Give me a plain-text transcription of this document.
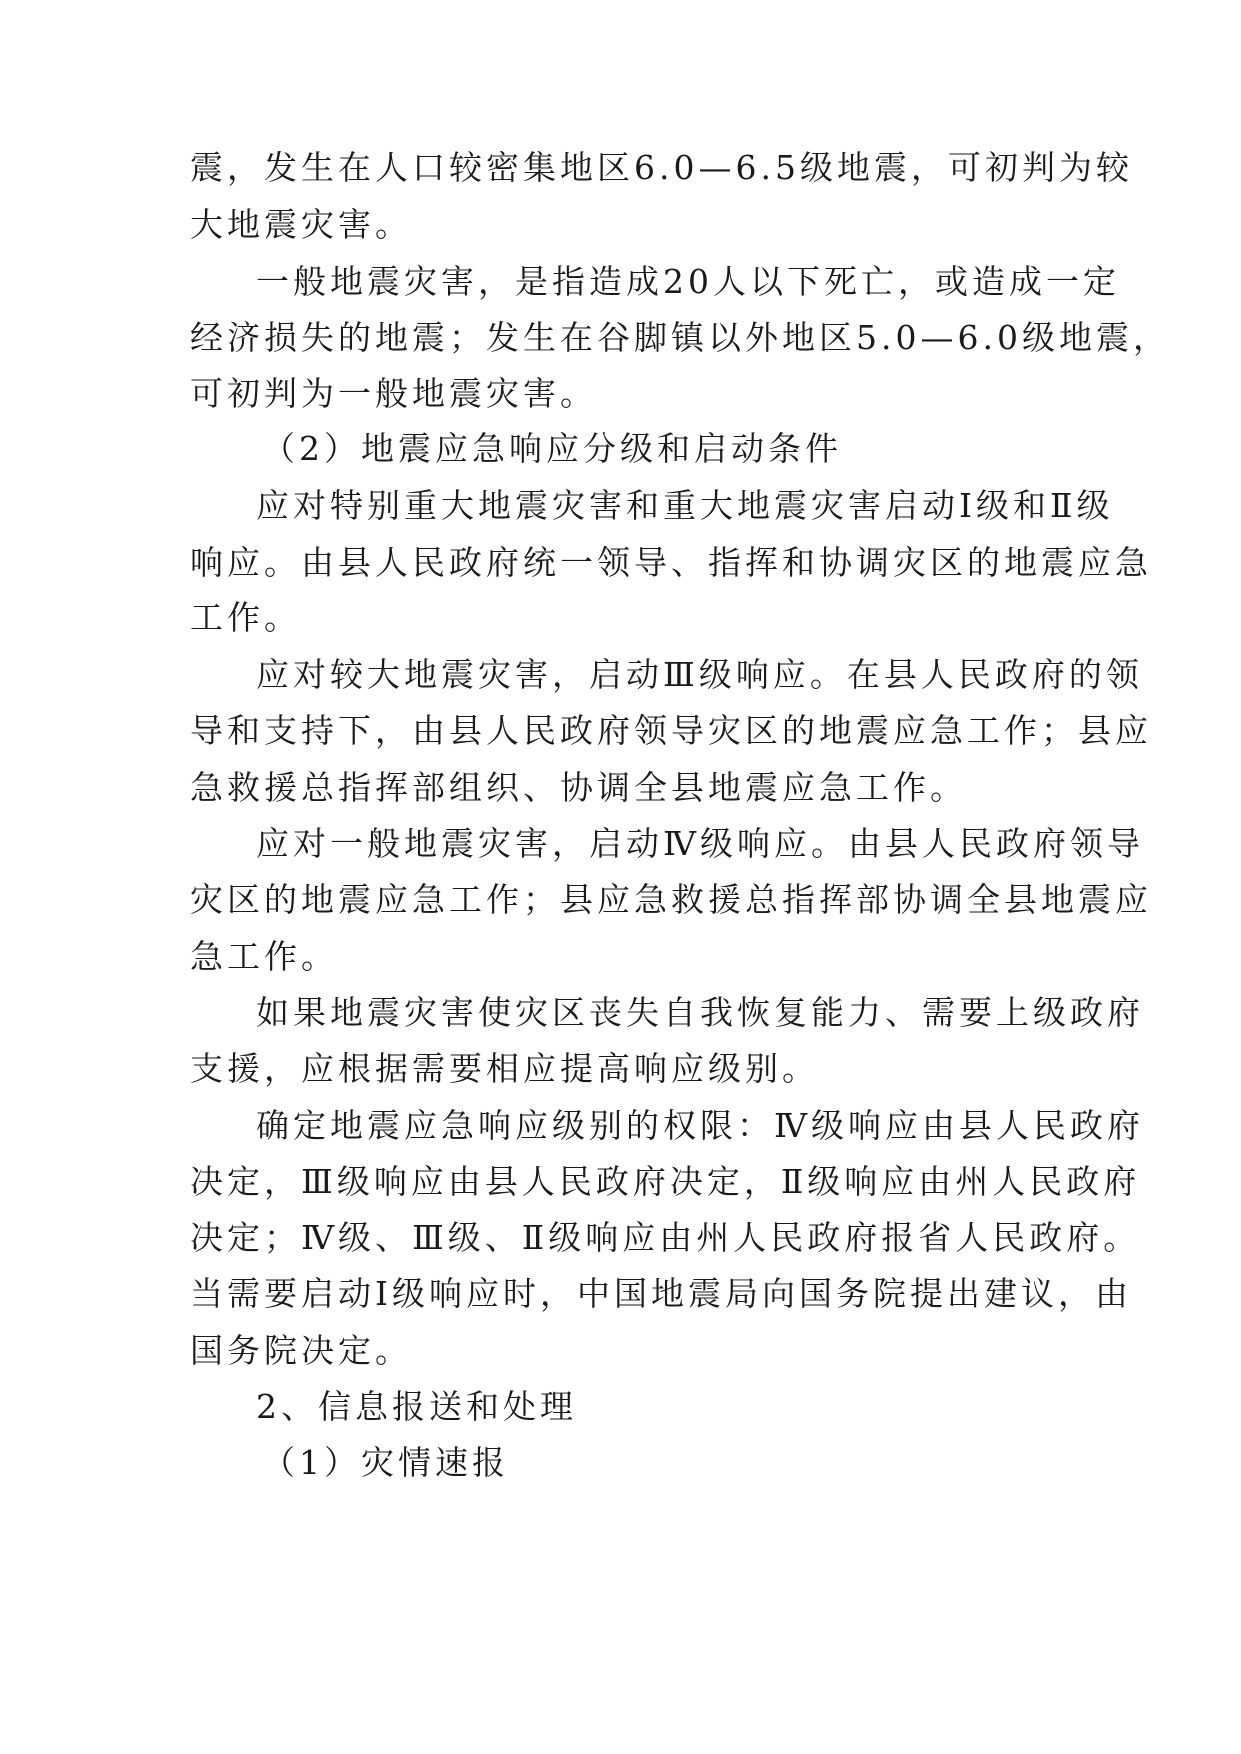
震，发生在人口较密集地区6.0—6.5级地震，可初判为较
大地震灾害。
一般地震灾害，是指造成20人以下死亡，或造成一定
经济损失的地震；发生在谷脚镇以外地区5.0—6.0级地震，
可初判为一般地震灾害。
（2）地震应急响应分级和启动条件
应对特别重大地震灾害和重大地震灾害启动Ⅰ级和Ⅱ级
响应。由县人民政府统一领导、指挥和协调灾区的地震应急
工作。
应对较大地震灾害，启动Ⅲ级响应。在县人民政府的领
导和支持下，由县人民政府领导灾区的地震应急工作；县应
急救援总指挥部组织、协调全县地震应急工作。
应对一般地震灾害，启动Ⅳ级响应。由县人民政府领导
灾区的地震应急工作；县应急救援总指挥部协调全县地震应
急工作。
如果地震灾害使灾区丧失自我恢复能力、需要上级政府
支援，应根据需要相应提高响应级别。
确定地震应急响应级别的权限：Ⅳ级响应由县人民政府
决定，Ⅲ级响应由县人民政府决定，Ⅱ级响应由州人民政府
决定；Ⅳ级、Ⅲ级、Ⅱ级响应由州人民政府报省人民政府。
当需要启动Ⅰ级响应时，中国地震局向国务院提出建议，由
国务院决定。
2、信息报送和处理
（1）灾情速报
